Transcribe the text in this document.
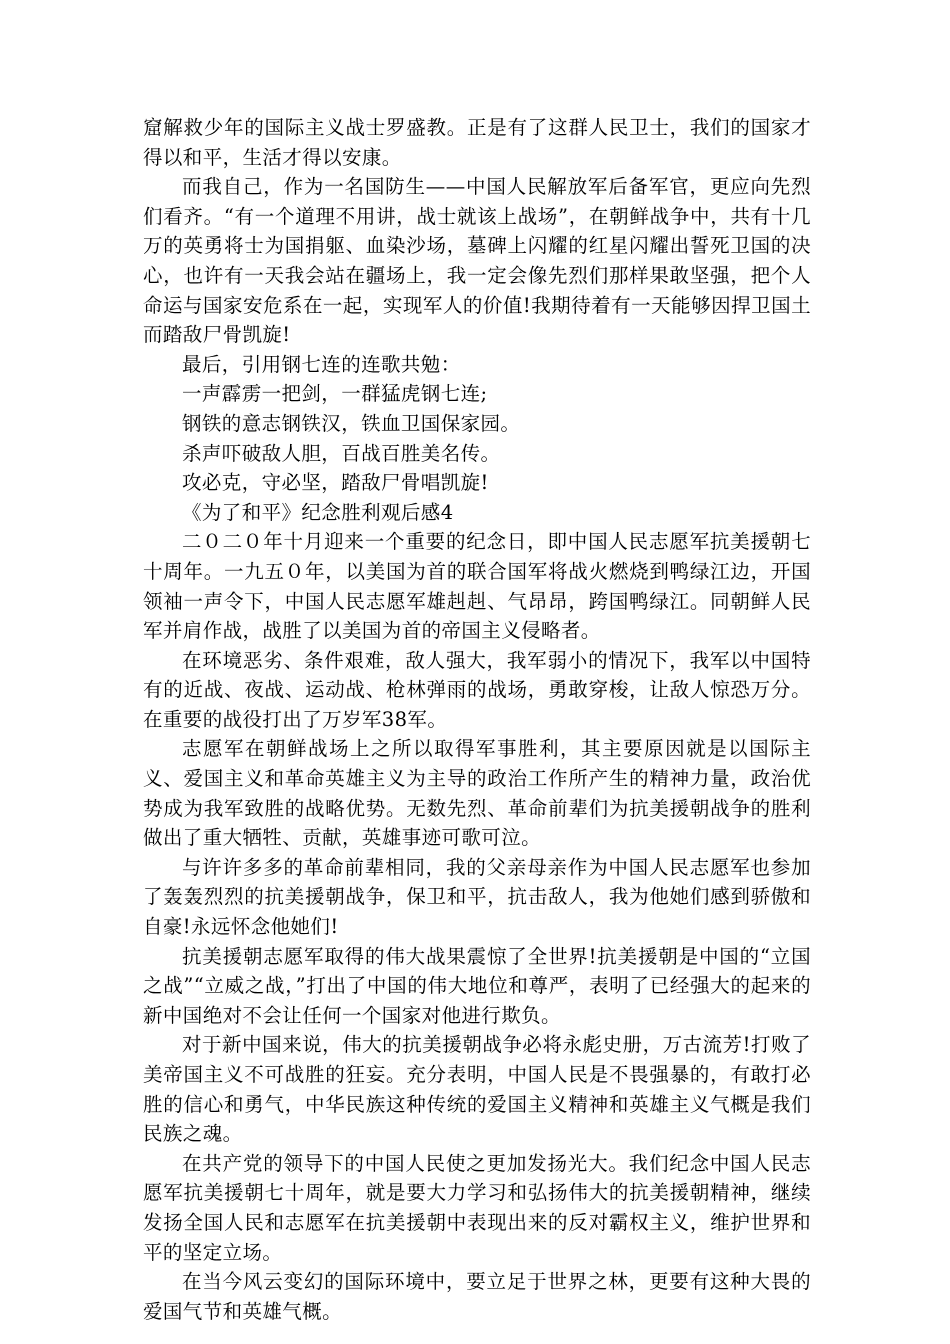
窟解救少年的国际主义战士罗盛教。正是有了这群人民卫士，我们的国家才得以和平，生活才得以安康。

而我自己，作为一名国防生——中国人民解放军后备军官，更应向先烈们看齐。“有一个道理不用讲，战士就该上战场”，在朝鲜战争中，共有十几万的英勇将士为国捐躯、血染沙场，墓碑上闪耀的红星闪耀出誓死卫国的决心，也许有一天我会站在疆场上，我一定会像先烈们那样果敢坚强，把个人命运与国家安危系在一起，实现军人的价值!我期待着有一天能够因捍卫国土而踏敌尸骨凯旋!

最后，引用钢七连的连歌共勉：

一声霹雳一把剑，一群猛虎钢七连;

钢铁的意志钢铁汉，铁血卫国保家园。

杀声吓破敌人胆，百战百胜美名传。

攻必克，守必坚，踏敌尸骨唱凯旋!

《为了和平》纪念胜利观后感4

二０二０年十月迎来一个重要的纪念日，即中国人民志愿军抗美援朝七十周年。一九五０年，以美国为首的联合国军将战火燃烧到鸭绿江边，开国领袖一声令下，中国人民志愿军雄赳赳、气昂昂，跨国鸭绿江。同朝鲜人民军并肩作战，战胜了以美国为首的帝国主义侵略者。

在环境恶劣、条件艰难，敌人强大，我军弱小的情况下，我军以中国特有的近战、夜战、运动战、枪林弹雨的战场，勇敢穿梭，让敌人惊恐万分。在重要的战役打出了万岁军38军。

志愿军在朝鲜战场上之所以取得军事胜利，其主要原因就是以国际主义、爱国主义和革命英雄主义为主导的政治工作所产生的精神力量，政治优势成为我军致胜的战略优势。无数先烈、革命前辈们为抗美援朝战争的胜利做出了重大牺牲、贡献，英雄事迹可歌可泣。

与许许多多的革命前辈相同，我的父亲母亲作为中国人民志愿军也参加了轰轰烈烈的抗美援朝战争，保卫和平，抗击敌人，我为他她们感到骄傲和自豪!永远怀念他她们!

抗美援朝志愿军取得的伟大战果震惊了全世界!抗美援朝是中国的“立国之战”“立威之战，”打出了中国的伟大地位和尊严，表明了已经强大的起来的新中国绝对不会让任何一个国家对他进行欺负。

对于新中国来说，伟大的抗美援朝战争必将永彪史册，万古流芳!打败了美帝国主义不可战胜的狂妄。充分表明，中国人民是不畏强暴的，有敢打必胜的信心和勇气，中华民族这种传统的爱国主义精神和英雄主义气概是我们民族之魂。

在共产党的领导下的中国人民使之更加发扬光大。我们纪念中国人民志愿军抗美援朝七十周年，就是要大力学习和弘扬伟大的抗美援朝精神，继续发扬全国人民和志愿军在抗美援朝中表现出来的反对霸权主义，维护世界和平的坚定立场。

在当今风云变幻的国际环境中，要立足于世界之林，更要有这种大畏的爱国气节和英雄气概。
